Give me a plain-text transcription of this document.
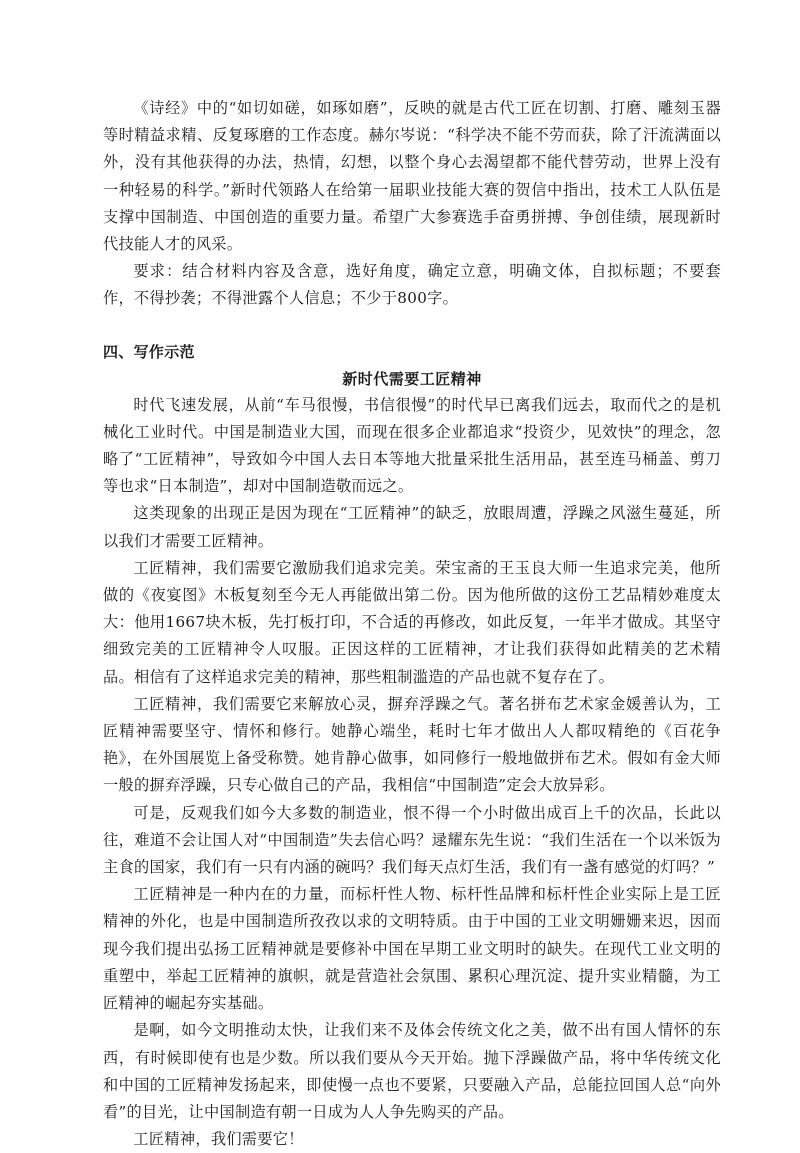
《诗经》中的“如切如磋，如琢如磨”，反映的就是古代工匠在切割、打磨、雕刻玉器等时精益求精、反复琢磨的工作态度。赫尔岑说：“科学决不能不劳而获，除了汗流满面以外，没有其他获得的办法，热情，幻想，以整个身心去渴望都不能代替劳动，世界上没有一种轻易的科学。”新时代领路人在给第一届职业技能大赛的贺信中指出，技术工人队伍是支撑中国制造、中国创造的重要力量。希望广大参赛选手奋勇拼搏、争创佳绩，展现新时代技能人才的风采。

要求：结合材料内容及含意，选好角度，确定立意，明确文体，自拟标题；不要套作，不得抄袭；不得泄露个人信息；不少于800字。

四、写作示范

新时代需要工匠精神

时代飞速发展，从前“车马很慢，书信很慢”的时代早已离我们远去，取而代之的是机械化工业时代。中国是制造业大国，而现在很多企业都追求“投资少，见效快”的理念，忽略了“工匠精神”，导致如今中国人去日本等地大批量采批生活用品，甚至连马桶盖、剪刀等也求“日本制造”，却对中国制造敬而远之。

这类现象的出现正是因为现在“工匠精神”的缺乏，放眼周遭，浮躁之风滋生蔓延，所以我们才需要工匠精神。

工匠精神，我们需要它激励我们追求完美。荣宝斋的王玉良大师一生追求完美，他所做的《夜宴图》木板复刻至今无人再能做出第二份。因为他所做的这份工艺品精妙难度太大：他用1667块木板，先打板打印，不合适的再修改，如此反复，一年半才做成。其坚守细致完美的工匠精神令人叹服。正因这样的工匠精神，才让我们获得如此精美的艺术精品。相信有了这样追求完美的精神，那些粗制滥造的产品也就不复存在了。

工匠精神，我们需要它来解放心灵，摒弃浮躁之气。著名拼布艺术家金媛善认为，工匠精神需要坚守、情怀和修行。她静心端坐，耗时七年才做出人人都叹精绝的《百花争艳》，在外国展览上备受称赞。她肯静心做事，如同修行一般地做拼布艺术。假如有金大师一般的摒弃浮躁，只专心做自己的产品，我相信“中国制造”定会大放异彩。

可是，反观我们如今大多数的制造业，恨不得一个小时做出成百上千的次品，长此以往，难道不会让国人对“中国制造”失去信心吗？逯耀东先生说：“我们生活在一个以米饭为主食的国家，我们有一只有内涵的碗吗？我们每天点灯生活，我们有一盏有感觉的灯吗？”

工匠精神是一种内在的力量，而标杆性人物、标杆性品牌和标杆性企业实际上是工匠精神的外化，也是中国制造所孜孜以求的文明特质。由于中国的工业文明姗姗来迟，因而现今我们提出弘扬工匠精神就是要修补中国在早期工业文明时的缺失。在现代工业文明的重塑中，举起工匠精神的旗帜，就是营造社会氛围、累积心理沉淀、提升实业精髓，为工匠精神的崛起夯实基础。

是啊，如今文明推动太快，让我们来不及体会传统文化之美，做不出有国人情怀的东西，有时候即使有也是少数。所以我们要从今天开始。抛下浮躁做产品，将中华传统文化和中国的工匠精神发扬起来，即使慢一点也不要紧，只要融入产品，总能拉回国人总“向外看”的目光，让中国制造有朝一日成为人人争先购买的产品。

工匠精神，我们需要它！
